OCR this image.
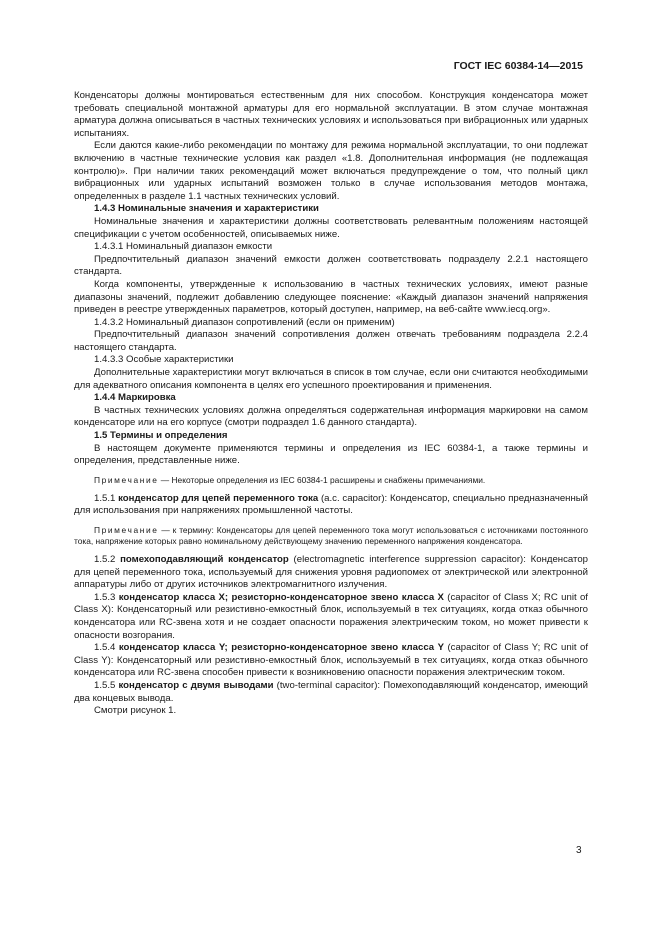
ГОСТ IEC 60384-14—2015

Конденсаторы должны монтироваться естественным для них способом. Конструкция конденсатора может требовать специальной монтажной арматуры для его нормальной эксплуатации. В этом случае монтажная арматура должна описываться в частных технических условиях и использоваться при вибрационных или ударных испытаниях.

Если даются какие-либо рекомендации по монтажу для режима нормальной эксплуатации, то они подлежат включению в частные технические условия как раздел «1.8. Дополнительная информация (не подлежащая контролю)». При наличии таких рекомендаций может включаться предупреждение о том, что полный цикл вибрационных или ударных испытаний возможен только в случае использования методов монтажа, определенных в разделе 1.1 частных технических условий.

1.4.3 Номинальные значения и характеристики

Номинальные значения и характеристики должны соответствовать релевантным положениям настоящей спецификации с учетом особенностей, описываемых ниже.

1.4.3.1 Номинальный диапазон емкости

Предпочтительный диапазон значений емкости должен соответствовать подразделу 2.2.1 настоящего стандарта.

Когда компоненты, утвержденные к использованию в частных технических условиях, имеют разные диапазоны значений, подлежит добавлению следующее пояснение: «Каждый диапазон значений напряжения приведен в реестре утвержденных параметров, который доступен, например, на веб-сайте www.iecq.org».

1.4.3.2 Номинальный диапазон сопротивлений (если он применим)

Предпочтительный диапазон значений сопротивления должен отвечать требованиям подраздела 2.2.4 настоящего стандарта.

1.4.3.3 Особые характеристики

Дополнительные характеристики могут включаться в список в том случае, если они считаются необходимыми для адекватного описания компонента в целях его успешного проектирования и применения.

1.4.4 Маркировка

В частных технических условиях должна определяться содержательная информация маркировки на самом конденсаторе или на его корпусе (смотри подраздел 1.6 данного стандарта).

1.5 Термины и определения

В настоящем документе применяются термины и определения из IEC 60384-1, а также термины и определения, представленные ниже.

Примечание — Некоторые определения из IEC 60384-1 расширены и снабжены примечаниями.

1.5.1 конденсатор для цепей переменного тока (a.c. capacitor): Конденсатор, специально предназначенный для использования при напряжениях промышленной частоты.

Примечание — к термину: Конденсаторы для цепей переменного тока могут использоваться с источниками постоянного тока, напряжение которых равно номинальному действующему значению переменного напряжения конденсатора.

1.5.2 помехоподавляющий конденсатор (electromagnetic interference suppression capacitor): Конденсатор для цепей переменного тока, используемый для снижения уровня радиопомех от электрической или электронной аппаратуры либо от других источников электромагнитного излучения.

1.5.3 конденсатор класса X; резисторно-конденсаторное звено класса X (capacitor of Class X; RC unit of Class X): Конденсаторный или резистивно-емкостный блок, используемый в тех ситуациях, когда отказ обычного конденсатора или RC-звена хотя и не создает опасности поражения электрическим током, но может привести к опасности возгорания.

1.5.4 конденсатор класса Y; резисторно-конденсаторное звено класса Y (capacitor of Class Y; RC unit of Class Y): Конденсаторный или резистивно-емкостный блок, используемый в тех ситуациях, когда отказ обычного конденсатора или RC-звена способен привести к возникновению опасности поражения электрическим током.

1.5.5 конденсатор с двумя выводами (two-terminal capacitor): Помехоподавляющий конденсатор, имеющий два концевых вывода.

Смотри рисунок 1.

3
